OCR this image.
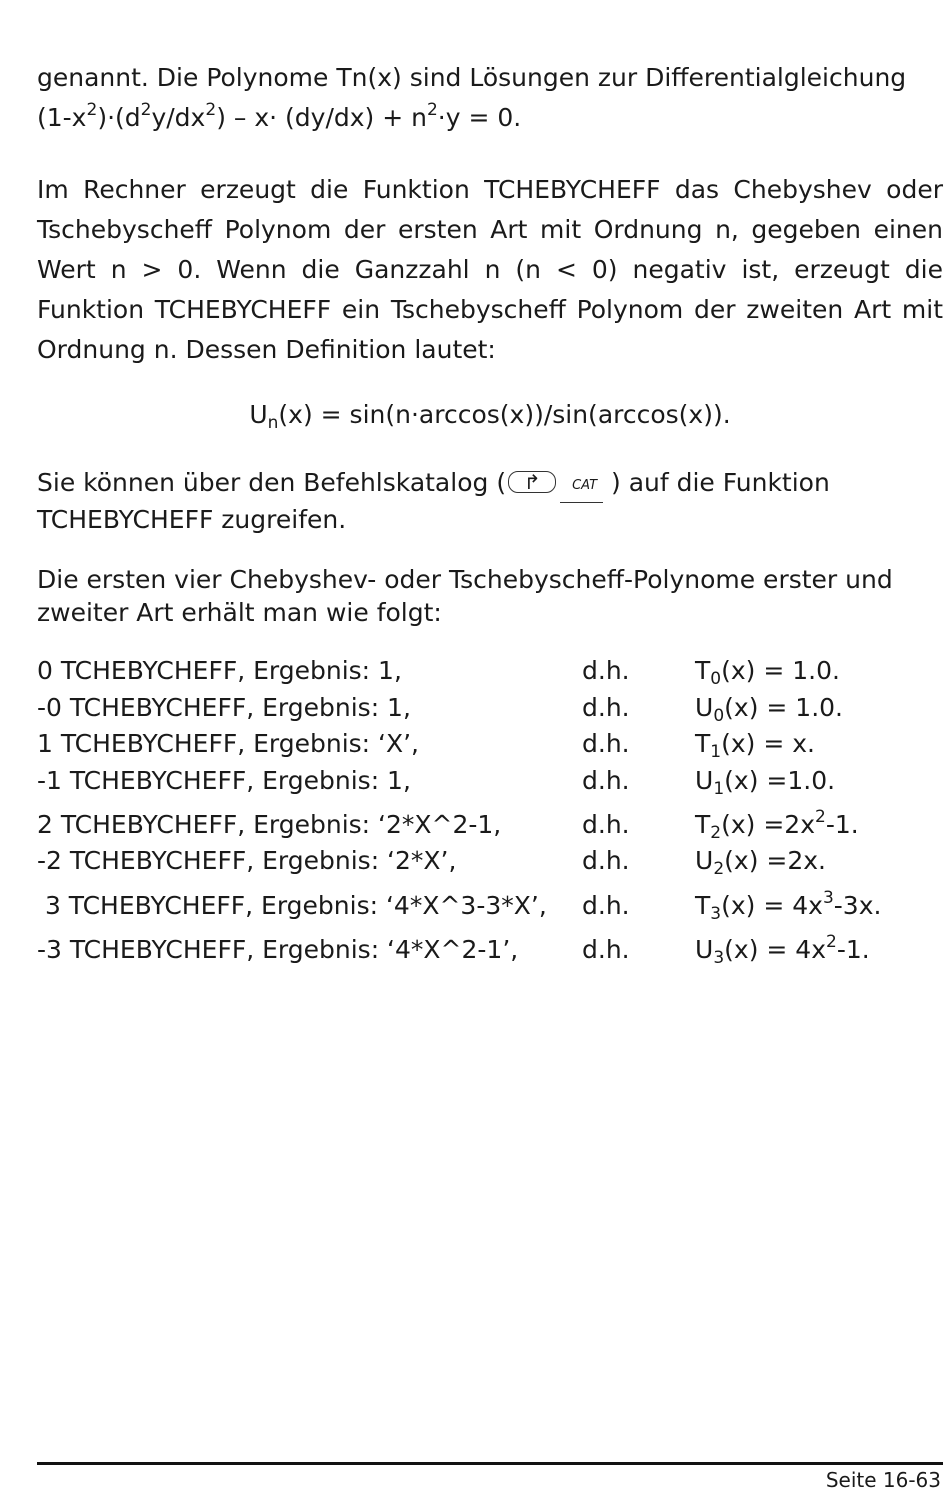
genannt. Die Polynome Tn(x) sind Lösungen zur Differentialgleichung $(1-x^2)\cdot(d^2y/dx^2) - x\cdot (dy/dx) + n^2\cdot y = 0$.

Im Rechner erzeugt die Funktion TCHEBYCHEFF das Chebyshev oder Tschebyscheff Polynom der ersten Art mit Ordnung n, gegeben einen Wert n > 0. Wenn die Ganzzahl n (n < 0) negativ ist, erzeugt die Funktion TCHEBYCHEFF ein Tschebyscheff Polynom der zweiten Art mit Ordnung n. Dessen Definition lautet:

$U_n(x) = \sin(n\cdot\arccos(x))/\sin(\arccos(x))$.

Sie können über den Befehlskatalog ( ↱	CAT ) auf die Funktion TCHEBYCHEFF zugreifen.

Die ersten vier Chebyshev- oder Tschebyscheff-Polynome erster und zweiter Art erhält man wie folgt:

0 TCHEBYCHEFF, Ergebnis: 1,	d.h.	$T_0(x) = 1.0$.
-0 TCHEBYCHEFF, Ergebnis: 1,	d.h.	$U_0(x) = 1.0$.
1 TCHEBYCHEFF, Ergebnis: ‘X’,	d.h.	$T_1(x) = x$.
-1 TCHEBYCHEFF, Ergebnis: 1,	d.h.	$U_1(x) =1.0$.
2 TCHEBYCHEFF, Ergebnis: ‘2*X^2-1,	d.h.	$T_2(x) =2x^2-1$.
-2 TCHEBYCHEFF, Ergebnis: ‘2*X’,	d.h.	$U_2(x) =2x$.
3 TCHEBYCHEFF, Ergebnis: ‘4*X^3-3*X’, d.h.	$T_3(x) = 4x^3-3x$.
-3 TCHEBYCHEFF, Ergebnis: ‘4*X^2-1’,	d.h.	$U_3(x) = 4x^2-1$.
Seite 16-63
